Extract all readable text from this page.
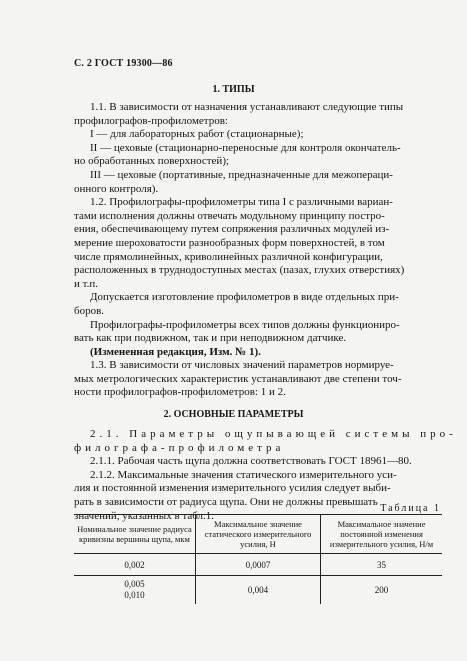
С. 2 ГОСТ 19300—86
1. ТИПЫ
1.1. В зависимости от назначения устанавливают следующие типы
профилографов-профилометров:
I — для лабораторных работ (стационарные);
II — цеховые (стационарно-переносные для контроля окончатель-
но обработанных поверхностей);
III — цеховые (портативные, предназначенные для межопераци-
онного контроля).
1.2. Профилографы-профилометры типа I с различными вариан-
тами исполнения должны отвечать модульному принципу постро-
ения, обеспечивающему путем сопряжения различных модулей из-
мерение шероховатости разнообразных форм поверхностей, в том
числе прямолинейных, криволинейных различной конфигурации,
расположенных в труднодоступных местах (пазах, глухих отверстиях)
и т.п.
Допускается изготовление профилометров в виде отдельных при-
боров.
Профилографы-профилометры всех типов должны функциониро-
вать как при подвижном, так и при неподвижном датчике.
(Измененная редакция, Изм. № 1).
1.3. В зависимости от числовых значений параметров нормируе-
мых метрологических характеристик устанавливают две степени точ-
ности профилографов-профилометров: 1 и 2.
2. ОСНОВНЫЕ ПАРАМЕТРЫ
2.1. Параметры ощупывающей системы про-
филографа-профилометра
2.1.1. Рабочая часть щупа должна соответствовать ГОСТ 18961—80.
2.1.2. Максимальные значения статического измерительного уси-
лия и постоянной изменения измерительного усилия следует выби-
рать в зависимости от радиуса щупа. Они не должны превышать
значений, указанных в табл.1.
Таблица 1
Номинальное значение радиуса кривизны вершины щупа, мкм	Максимальное значение статического измерительного усилия, Н	Максимальное значение постоянной изменения измерительного усилия, Н/м
0,002	0,0007	35
0,005
0,010	0,004	200
